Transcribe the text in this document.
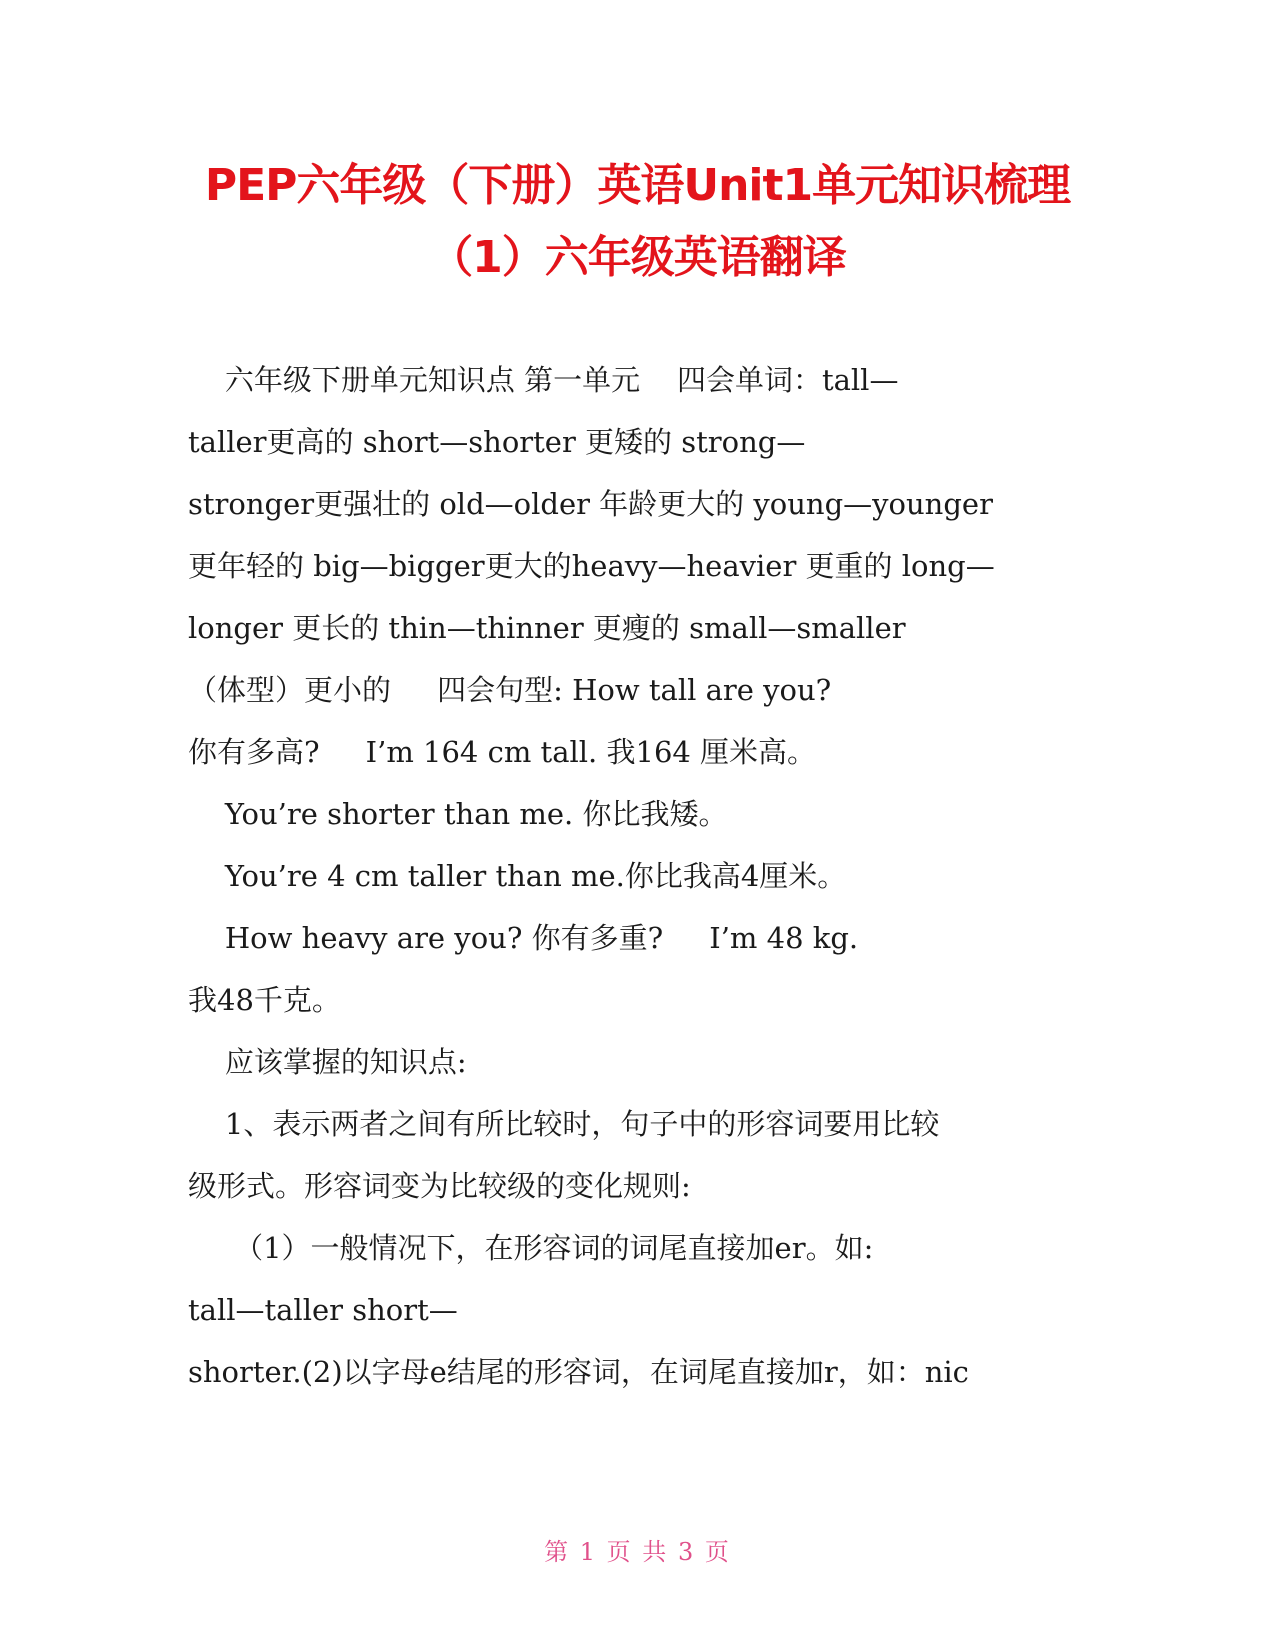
PEP六年级（下册）英语Unit1单元知识梳理
（1）六年级英语翻译
六年级下册单元知识点 第一单元    四会单词：tall—
taller更高的 short—shorter 更矮的 strong—
stronger更强壮的 old—older 年龄更大的 young—younger
更年轻的 big—bigger更大的heavy—heavier 更重的 long—
longer 更长的 thin—thinner 更瘦的 small—smaller
（体型）更小的     四会句型: How tall are you?
你有多高?     I’m 164 cm tall. 我164 厘米高。
You’re shorter than me. 你比我矮。
You’re 4 cm taller than me.你比我高4厘米。
How heavy are you? 你有多重?     I’m 48 kg.
我48千克。
应该掌握的知识点:
1、表示两者之间有所比较时，句子中的形容词要用比较
级形式。形容词变为比较级的变化规则:
（1）一般情况下，在形容词的词尾直接加er。如:
tall—taller short—
shorter.(2)以字母e结尾的形容词，在词尾直接加r，如：nic
第 1 页 共 3 页
